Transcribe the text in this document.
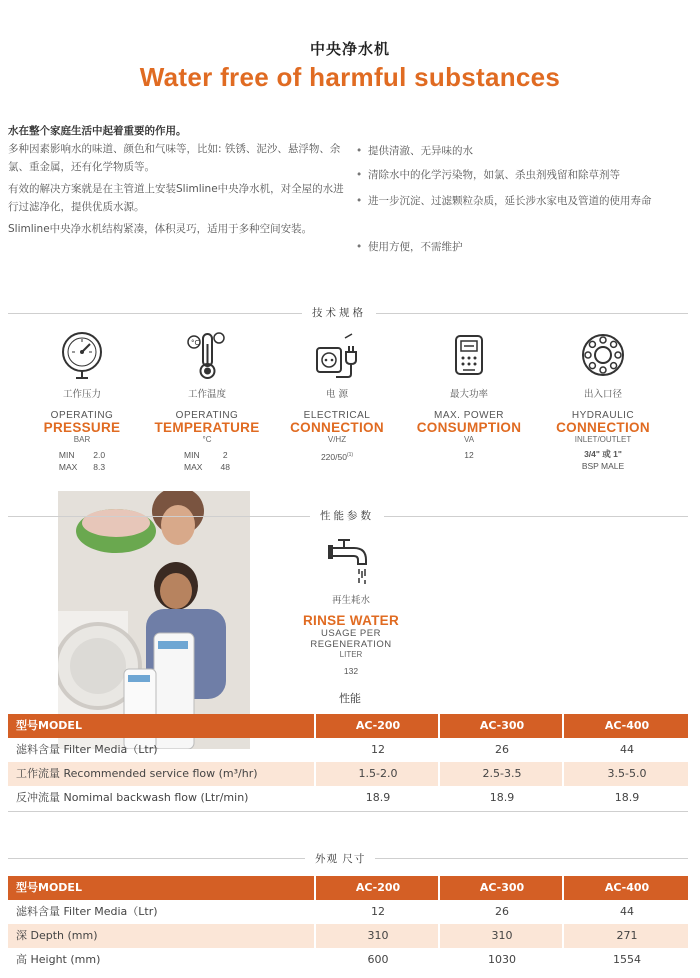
中央净水机
Water free of harmful substances
水在整个家庭生活中起着重要的作用。
多种因素影响水的味道、颜色和气味等，比如: 铁锈、泥沙、悬浮物、余氯、重金属，还有化学物质等。
有效的解决方案就是在主管道上安装Slimline中央净水机，对全屋的水进行过滤净化，提供优质水源。
Slimline中央净水机结构紧凑，体积灵巧，适用于多种空间安装。
• 提供清澈、无异味的水
• 清除水中的化学污染物，如氯、杀虫剂残留和除草剂等
• 进一步沉淀、过滤颗粒杂质，延长涉水家电及管道的使用寿命
• 使用方便，不需维护
技术规格
工作压力
OPERATING
PRESSURE
BAR
MIN	2.0
MAX	8.3
°C
工作温度
OPERATING
TEMPERATURE
°C
MIN	2
MAX	48
电 源
ELECTRICAL
CONNECTION
V/HZ
220/50$^{(1)}$
最大功率
MAX. POWER
CONSUMPTION
VA
12
出入口径
HYDRAULIC
CONNECTION
INLET/OUTLET
3/4" 或 1"
BSP MALE
性能参数
再生耗水
RINSE WATER
USAGE PER REGENERATION
LITER
132
性能
型号MODEL	AC-200	AC-300	AC-400
滤料含量 Filter Media（Ltr)	12	26	44
工作流量 Recommended service flow (m³/hr)	1.5-2.0	2.5-3.5	3.5-5.0
反冲流量 Nomimal backwash flow (Ltr/min)	18.9	18.9	18.9
外观 尺寸
型号MODEL	AC-200	AC-300	AC-400
滤料含量 Filter Media（Ltr)	12	26	44
深 Depth (mm)	310	310	271
高 Height (mm)	600	1030	1554
